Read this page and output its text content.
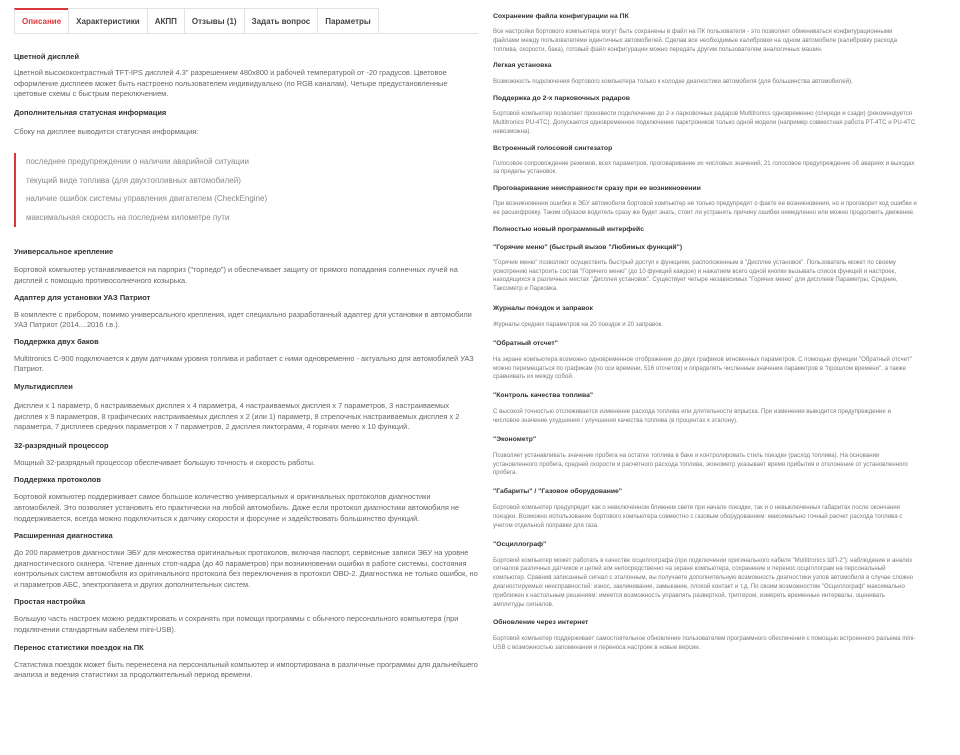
Описание	Характеристики	АКПП	Отзывы (1)	Задать вопрос	Параметры
Цветной дисплей

Цветной высококонтрастный TFT-IPS дисплей 4.3" разрешением 480х800 и рабочей температурой от -20 градусов. Цветовое оформление дисплеев может быть настроено пользователем индивидуально (по RGB каналам). Четыре предустановленные цветовые схемы с быстрым переключением.

Дополнительная статусная информация

Сбоку на дисплее выводится статусная информация:

последнее предупреждении о наличии аварийной ситуации
текущий виде топлива (для двухтопливных автомобилей)
наличие ошибок системы управления двигателем (CheckEngine)
максимальная скорость на последнем километре пути
Универсальное крепление

Бортовой компьютер устанавливается на парприз ("торпедо") и обеспечивает защиту от прямого попадания солнечных лучей на дисплей с помощью противосолнечного козырька.

Адаптер для установки УАЗ Патриот

В комплекте с прибором, помимо универсального крепления, идет специально разработанный адаптер для установки в автомобили УАЗ Патриот (2014....2016 г.в.).

Поддержка двух баков

Multitronics C-900 подключается к двум датчикам уровня топлива и работает с ними одновременно - актуально для автомобилей УАЗ Патриот.

Мультидисплеи

Дисплеи х 1 параметр, 6 настраиваемых дисплея х 4 параметра, 4 настраиваемых дисплея х 7 параметров, 3 настраиваемых дисплея х 9 параметров, 8 графических настраиваемых дисплея х 2 (или 1) параметр, 8 стрелочных настраиваемых дисплея х 2 параметра, 7 дисплеев средних параметров х 7 параметров, 2 дисплея пиктограмм, 4 горячих меню х 10 функций.

32-разрядный процессор

Мощный 32-разрядный процессор обеспечивает большую точность и скорость работы.

Поддержка протоколов

Бортовой компьютер поддерживает самое большое количество универсальных и оригинальных протоколов диагностики автомобилей. Это позволяет установить его практически на любой автомобиль. Даже если протокол диагностики автомобиля не поддерживается, всегда можно подключиться к датчику скорости и форсунке и задействовать большинство функций.

Расширенная диагностика

До 200 параметров диагностики ЭБУ для множества оригинальных протоколов, включая паспорт, сервисные записи ЭБУ на уровне диагностического сканера. Чтение данных стоп-кадра (до 40 параметров) при возникновении ошибки в работе системы, состояния контрольных систем автомобиля из оригинального протокола без переключения в протокол OBD-2. Диагностика не только ошибок, но и параметров АБС, электропакета и других дополнительных систем.

Простая настройка

Большую часть настроек можно редактировать и сохранять при помощи программы с обычного персонального компьютера (при подключении стандартным кабелем mini-USB).

Перенос статистики поездок на ПК

Статистика поездок может быть перенесена на персональный компьютер и импортирована в различные программы для дальнейшего анализа и ведения статистики за продолжительный период времени.

Сохранение файла конфигурации на ПК

Все настройки бортового компьютера могут быть сохранены в файл на ПК пользователя - это позволяет обмениваться конфигурационными файлами между пользователями идентичных автомобилей. Сделав все необходимые калибровки на одном автомобиле (калибровку расхода топлива, скорости, бака), готовый файл конфигурации можно передать другим пользователям аналогичных машин.

Легкая установка

Возможность подключения бортового компьютера только к колодке диагностики автомобиля (для большинства автомобилей).

Поддержка до 2-х парковочных радаров

Бортовой компьютер позволяет произвести подключение до 2-х парковочных радаров Multitronics одновременно (спереди и сзади) (рекомендуется Multitronics PU-4TC). Допускается одновременное подключение парктроников только одной модели (например совместная работа PT-4TC и PU-4TC невозможна).

Встроенный голосовой синтезатор

Голосовое сопровождение режимов, всех параметров, проговаривание их числовых значений, 21 голосовое предупреждение об авариях и выходах за пределы установок.

Проговаривание неисправности сразу при ее возникновении

При возникновении ошибки в ЭБУ автомобиля бортовой компьютер не только предупредит о факте ее возникновения, но и проговорит код ошибки и ее расшифровку. Таким образом водитель сразу же будет знать, стоит ли устранять причину ошибки немедленно или можно продолжить движение.

Полностью новый программный интерфейс
"Горячие меню" (быстрый вызов "Любимых функций")

"Горячие меню" позволяют осуществить быстрый доступ к функциям, расположенным в "Дисплее установок". Пользователь может по своему усмотрению настроить состав "Горячего меню" (до 10 функций каждое) и нажатием всего одной кнопки вызывать список функций и настроек, находящихся в различных местах "Дисплея установок". Существует четыре независимых "Горячих меню" для дисплеев Параметры, Средние, Таксометр и Парковка.

Журналы поездок и заправок

Журналы средних параметров на 20 поездок и 20 заправок.

"Обратный отсчет"

На экране компьютера возможно одновременное отображение до двух графиков мгновенных параметров. С помощью функции "Обратный отсчет" можно перемещаться по графикам (по оси времени, 516 отсчетов) и определять численные значения параметров в "прошлом времени", а также сравнивать их между собой.

"Контроль качества топлива"

С высокой точностью отслеживается изменение расхода топлива или длительности впрыска. При изменении выводится предупреждение и числовое значение ухудшения / улучшения качества топлива (в процентах к эталону).

"Эконометр"

Позволяет устанавливать значение пробега на остатке топлива в баке и контролировать стиль поездки (расход топлива). На основании установленного пробега, средней скорости и расчетного расхода топлива, эконометр указывает время прибытия и отклонение от установленного пробега.

"Габариты" / "Газовое оборудование"

Бортовой компьютер предупредит как о невключенном ближнем свете при начале поездки, так и о невыключенных габаритах после окончания поездки. Возможно использование бортового компьютера совместно с газовым оборудованием: максимально точный расчет расхода топлива с учетом отдельной поправки для газа.

"Осциллограф"

Бортовой компьютер может работать в качестве осциллографа (при подключении оригинального кабеля "Multitronics ШП-2"): наблюдение и анализ сигналов различных датчиков и цепей а/м непосредственно на экране компьютера, сохранение и перенос осциллограм на персональный компьютер. Сравнив записанный сигнал с эталонным, вы получаете дополнительную возможность диагностики узлов автомобиля в случае сложно диагностируемых неисправностей: износ, заклинивание, замыкание, плохой контакт и т.д. По своим возможностям "Осциллограф" максимально приближен к настольным решениям: имеется возможность управлять разверткой, триггером, измерять временные интервалы, оценивать амплитуды сигналов.

Обновление через интернет

Бортовой компьютер поддерживает самостоятельное обновление пользователем программного обеспечения с помощью встроенного разъема mini-USB с возможностью запоминания и переноса настроек в новые версии.
